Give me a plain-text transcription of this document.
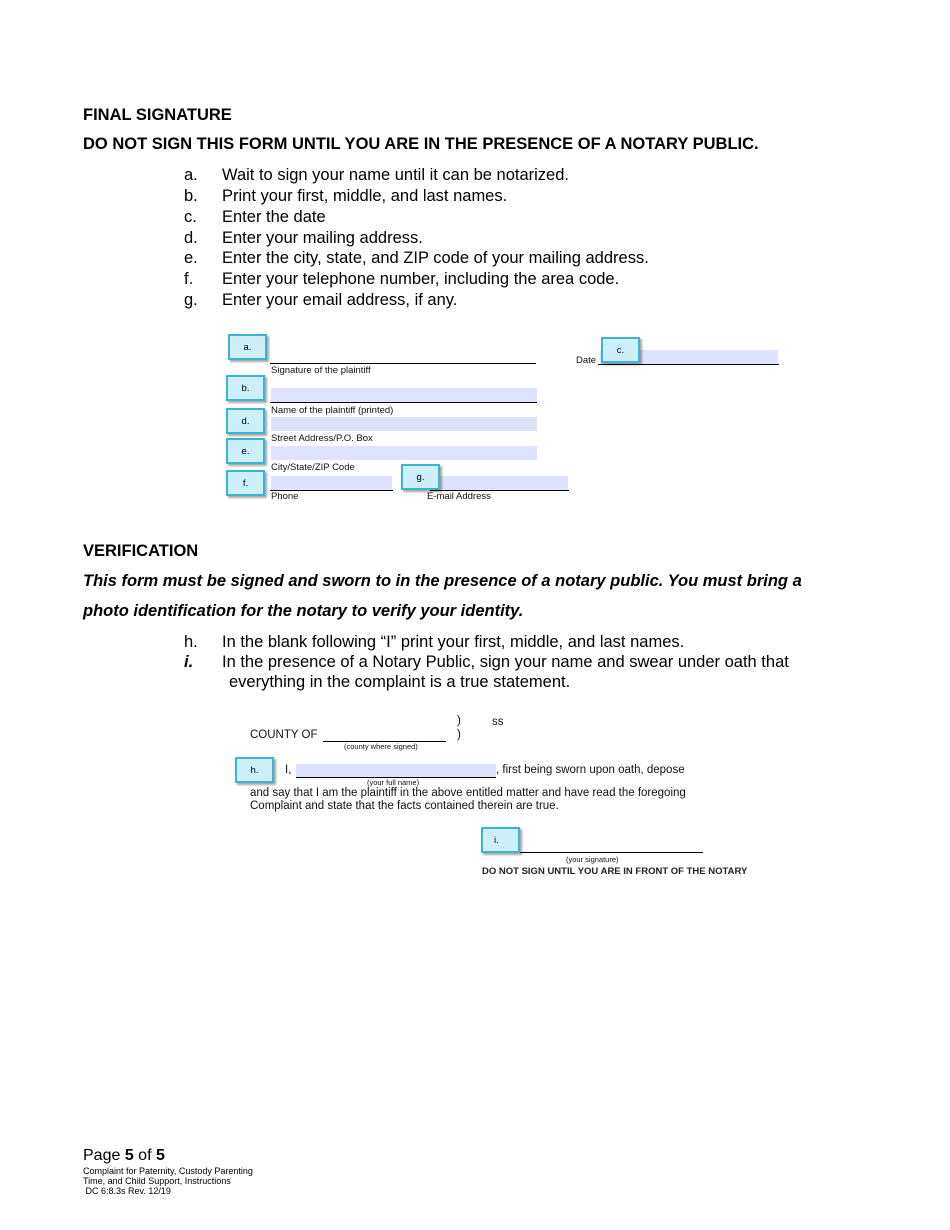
FINAL SIGNATURE
DO NOT SIGN THIS FORM UNTIL YOU ARE IN THE PRESENCE OF A NOTARY PUBLIC.
a. Wait to sign your name until it can be notarized.
b. Print your first, middle, and last names.
c. Enter the date
d. Enter your mailing address.
e. Enter the city, state, and ZIP code of your mailing address.
f. Enter your telephone number, including the area code.
g. Enter your email address, if any.
Signature of the plaintiff
Name of the plaintiff (printed)
Street Address/P.O. Box
City/State/ZIP Code
Phone	E-mail Address
Date
a.
b.
d.
e.
f.
g.
c.
VERIFICATION
This form must be signed and sworn to in the presence of a notary public. You must bring a
photo identification for the notary to verify your identity.
h. In the blank following “I” print your first, middle, and last names.
i. In the presence of a Notary Public, sign your name and swear under oath that
everything in the complaint is a true statement.
)	ss
COUNTY OF	)
(county where signed)
h.	I,	, first being sworn upon oath, depose
(your full name)
and say that I am the plaintiff in the above entitled matter and have read the foregoing
Complaint and state that the facts contained therein are true.
i.
(your signature)
DO NOT SIGN UNTIL YOU ARE IN FRONT OF THE NOTARY
Page 5 of 5
Complaint for Paternity, Custody Parenting
Time, and Child Support, Instructions
DC 6:8.3s Rev. 12/19
